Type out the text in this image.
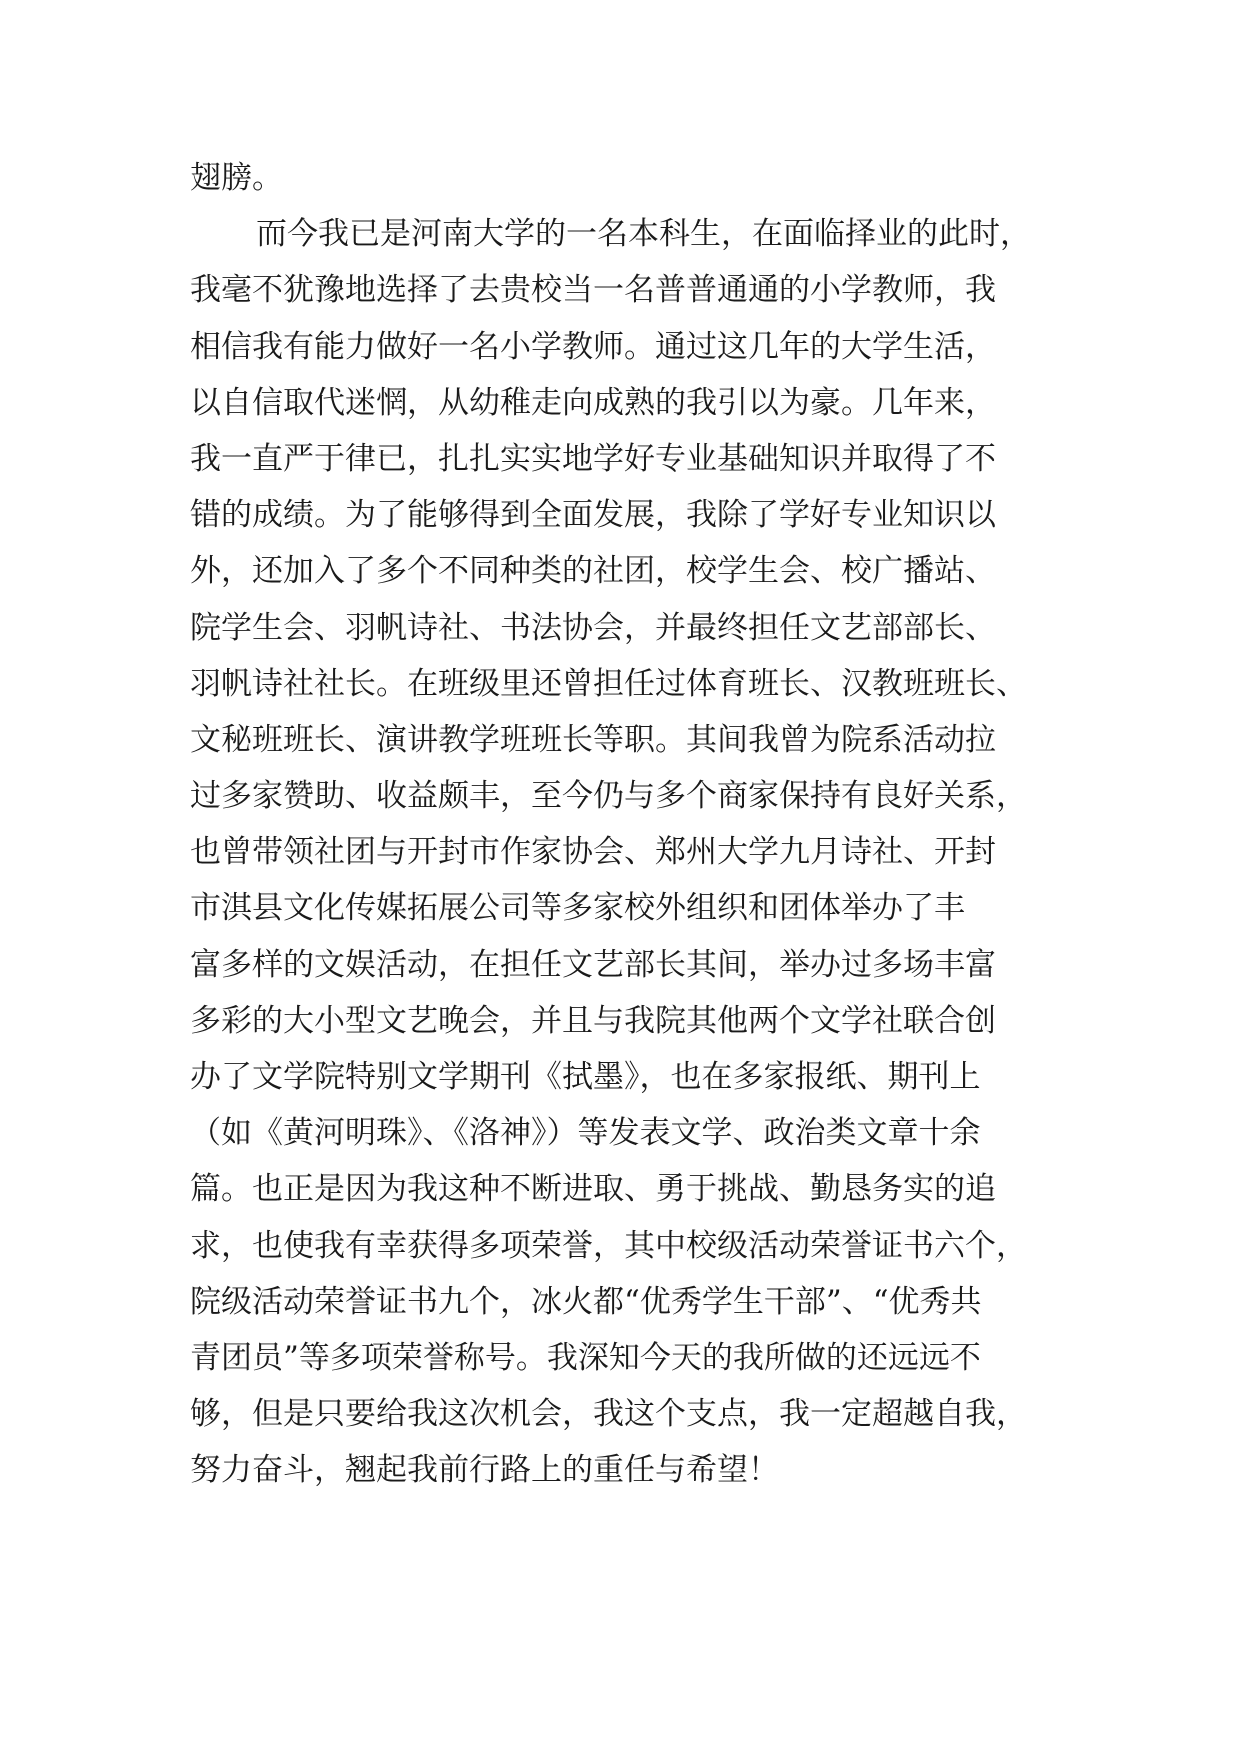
翅膀。
而今我已是河南大学的一名本科生，在面临择业的此时，
我毫不犹豫地选择了去贵校当一名普普通通的小学教师，我
相信我有能力做好一名小学教师。通过这几年的大学生活，
以自信取代迷惘，从幼稚走向成熟的我引以为豪。几年来，
我一直严于律已，扎扎实实地学好专业基础知识并取得了不
错的成绩。为了能够得到全面发展，我除了学好专业知识以
外，还加入了多个不同种类的社团，校学生会、校广播站、
院学生会、羽帆诗社、书法协会，并最终担任文艺部部长、
羽帆诗社社长。在班级里还曾担任过体育班长、汉教班班长、
文秘班班长、演讲教学班班长等职。其间我曾为院系活动拉
过多家赞助、收益颇丰，至今仍与多个商家保持有良好关系，
也曾带领社团与开封市作家协会、郑州大学九月诗社、开封
市淇县文化传媒拓展公司等多家校外组织和团体举办了丰
富多样的文娱活动，在担任文艺部长其间，举办过多场丰富
多彩的大小型文艺晚会，并且与我院其他两个文学社联合创
办了文学院特别文学期刊《拭墨》，也在多家报纸、期刊上
（如《黄河明珠》、《洛神》）等发表文学、政治类文章十余
篇。也正是因为我这种不断进取、勇于挑战、勤恳务实的追
求，也使我有幸获得多项荣誉，其中校级活动荣誉证书六个，
院级活动荣誉证书九个，冰火都“优秀学生干部”、“优秀共
青团员”等多项荣誉称号。我深知今天的我所做的还远远不
够，但是只要给我这次机会，我这个支点，我一定超越自我，
努力奋斗，翘起我前行路上的重任与希望！
